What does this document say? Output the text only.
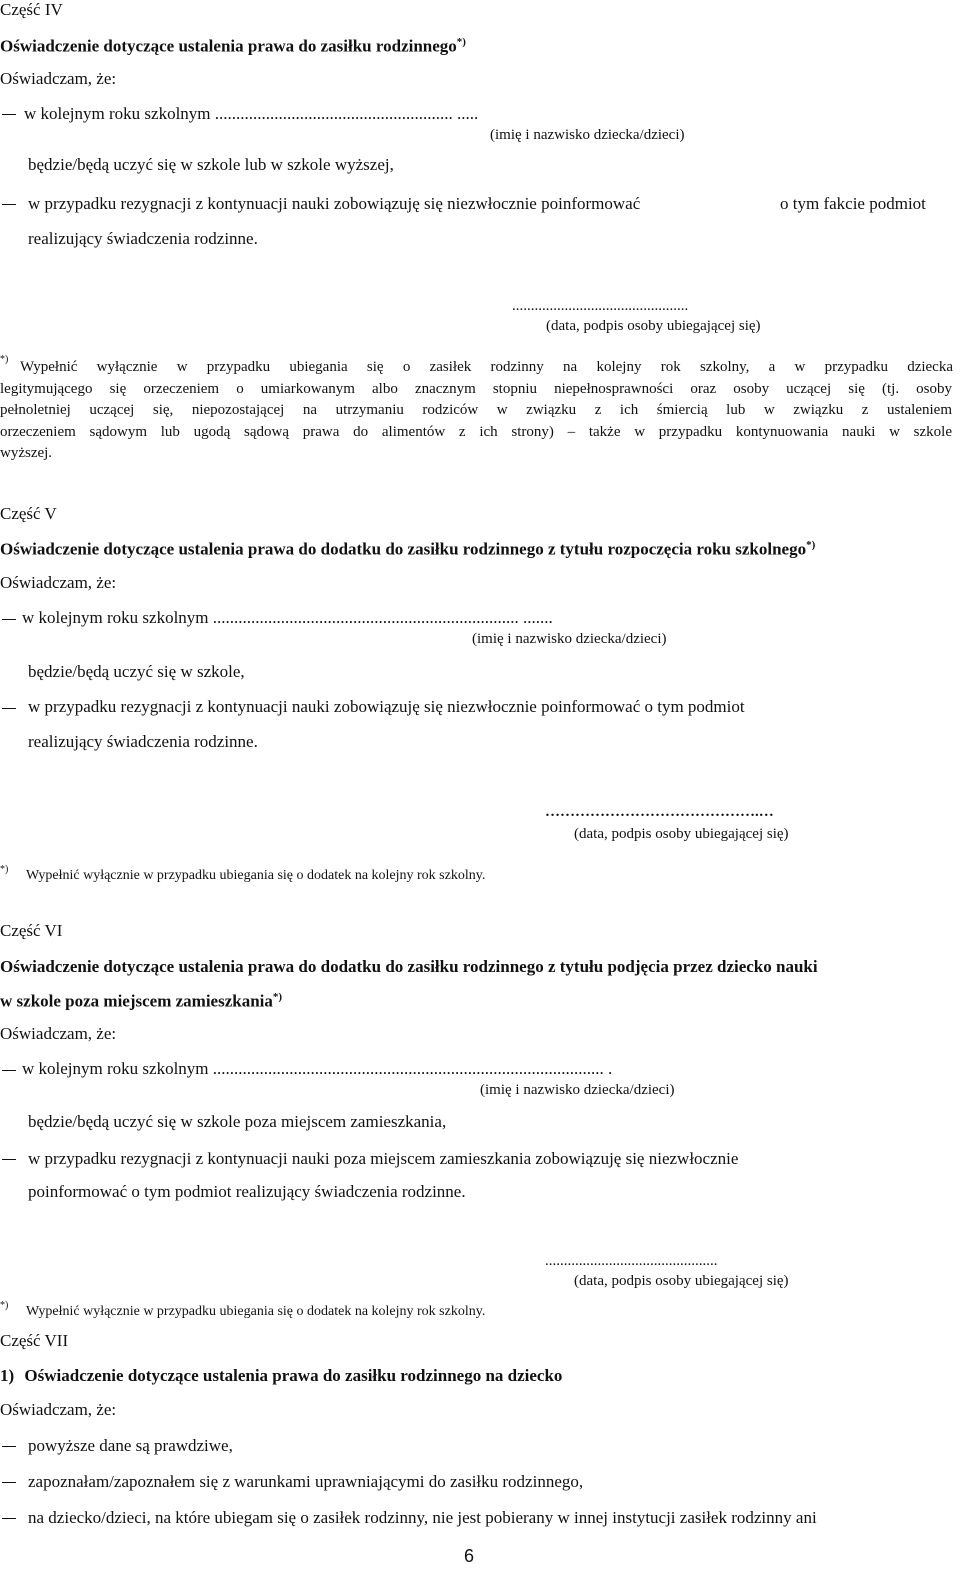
Część IV
Oświadczenie dotyczące ustalenia prawa do zasiłku rodzinnego*)
Oświadczam, że:
w kolejnym roku szkolnym ........................................................ .....
(imię i nazwisko dziecka/dzieci)
będzie/będą uczyć się w szkole lub w szkole wyższej,
w przypadku rezygnacji z kontynuacji nauki zobowiązuję się niezwłocznie poinformować	o tym fakcie podmiot
realizujący świadczenia rodzinne.
...............................................
(data, podpis osoby ubiegającej się)
*) Wypełnić wyłącznie w przypadku ubiegania się o zasiłek rodzinny na kolejny rok szkolny, a w przypadku dziecka
legitymującego się orzeczeniem o umiarkowanym albo znacznym stopniu niepełnosprawności oraz osoby uczącej się (tj. osoby
pełnoletniej uczącej się, niepozostającej na utrzymaniu rodziców w związku z ich śmiercią lub w związku z ustaleniem
orzeczeniem sądowym lub ugodą sądową prawa do alimentów z ich strony) – także w przypadku kontynuowania nauki w szkole
wyższej.
Część V
Oświadczenie dotyczące ustalenia prawa do dodatku do zasiłku rodzinnego z tytułu rozpoczęcia roku szkolnego*)
Oświadczam, że:
w kolejnym roku szkolnym ........................................................................ .......
(imię i nazwisko dziecka/dzieci)
będzie/będą uczyć się w szkole,
w przypadku rezygnacji z kontynuacji nauki zobowiązuję się niezwłocznie poinformować o tym podmiot
realizujący świadczenia rodzinne.
…………………………………….…
(data, podpis osoby ubiegającej się)
*) Wypełnić wyłącznie w przypadku ubiegania się o dodatek na kolejny rok szkolny.
Część VI
Oświadczenie dotyczące ustalenia prawa do dodatku do zasiłku rodzinnego z tytułu podjęcia przez dziecko nauki
w szkole poza miejscem zamieszkania*)
Oświadczam, że:
w kolejnym roku szkolnym ............................................................................................ .
(imię i nazwisko dziecka/dzieci)
będzie/będą uczyć się w szkole poza miejscem zamieszkania,
w przypadku rezygnacji z kontynuacji nauki poza miejscem zamieszkania zobowiązuję się niezwłocznie
poinformować o tym podmiot realizujący świadczenia rodzinne.
..............................................
(data, podpis osoby ubiegającej się)
*) Wypełnić wyłącznie w przypadku ubiegania się o dodatek na kolejny rok szkolny.
Część VII
1) Oświadczenie dotyczące ustalenia prawa do zasiłku rodzinnego na dziecko
Oświadczam, że:
powyższe dane są prawdziwe,
zapoznałam/zapoznałem się z warunkami uprawniającymi do zasiłku rodzinnego,
na dziecko/dzieci, na które ubiegam się o zasiłek rodzinny, nie jest pobierany w innej instytucji zasiłek rodzinny ani
6
